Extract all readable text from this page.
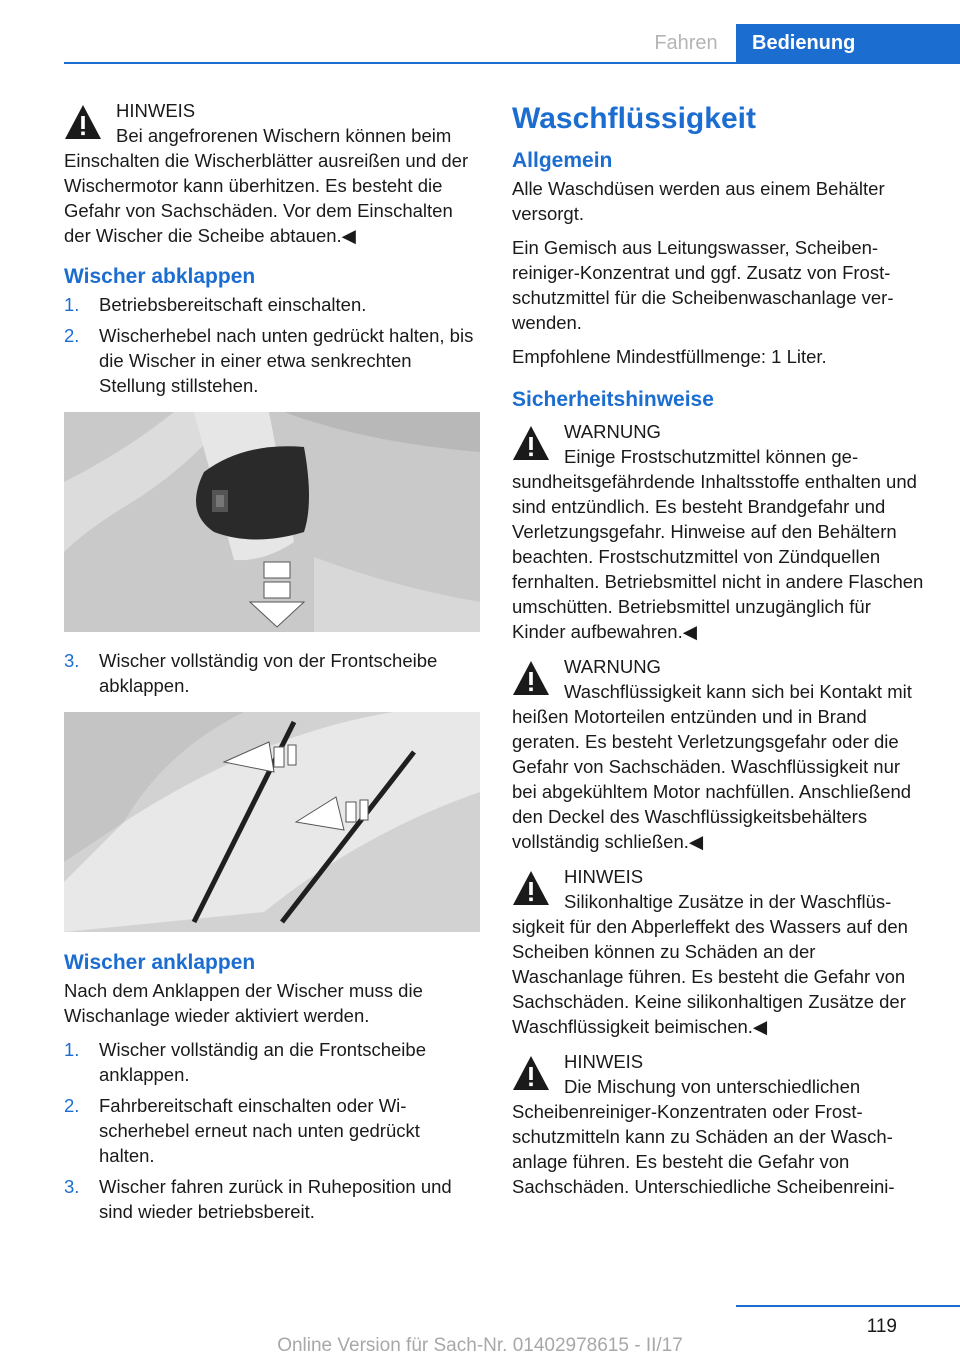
Fahren	Bedienung
HINWEIS
Bei angefrorenen Wischern können beim Einschalten die Wischerblätter ausreißen und der Wischermotor kann überhitzen. Es besteht die Gefahr von Sachschäden. Vor dem Einschalten der Wischer die Scheibe abtauen.◀
Wischer abklappen
1. Betriebsbereitschaft einschalten.
2. Wischerhebel nach unten gedrückt halten, bis die Wischer in einer etwa senkrechten Stellung stillstehen.
3. Wischer vollständig von der Frontscheibe abklappen.
Wischer anklappen

Nach dem Anklappen der Wischer muss die Wischanlage wieder aktiviert werden.

1. Wischer vollständig an die Frontscheibe anklappen.
2. Fahrbereitschaft einschalten oder Wischerhebel erneut nach unten gedrückt halten.
3. Wischer fahren zurück in Ruheposition und sind wieder betriebsbereit.
Waschflüssigkeit
Allgemein

Alle Waschdüsen werden aus einem Behälter versorgt.

Ein Gemisch aus Leitungswasser, Scheibenreiniger-Konzentrat und ggf. Zusatz von Frostschutzmittel für die Scheibenwaschanlage verwenden.

Empfohlene Mindestfüllmenge: 1 Liter.

Sicherheitshinweise
WARNUNG
Einige Frostschutzmittel können gesundheitsgefährdende Inhaltsstoffe enthalten und sind entzündlich. Es besteht Brandgefahr und Verletzungsgefahr. Hinweise auf den Behältern beachten. Frostschutzmittel von Zündquellen fernhalten. Betriebsmittel nicht in andere Flaschen umschütten. Betriebsmittel unzugänglich für Kinder aufbewahren.◀
WARNUNG
Waschflüssigkeit kann sich bei Kontakt mit heißen Motorteilen entzünden und in Brand geraten. Es besteht Verletzungsgefahr oder die Gefahr von Sachschäden. Waschflüssigkeit nur bei abgekühltem Motor nachfüllen. Anschließend den Deckel des Waschflüssigkeitsbehälters vollständig schließen.◀
HINWEIS
Silikonhaltige Zusätze in der Waschflüssigkeit für den Abperleffekt des Wassers auf den Scheiben können zu Schäden an der Waschanlage führen. Es besteht die Gefahr von Sachschäden. Keine silikonhaltigen Zusätze der Waschflüssigkeit beimischen.◀
HINWEIS
Die Mischung von unterschiedlichen Scheibenreiniger-Konzentraten oder Frostschutzmitteln kann zu Schäden an der Waschanlage führen. Es besteht die Gefahr von Sachschäden. Unterschiedliche Scheibenreini-
119
Online Version für Sach-Nr. 01402978615 - II/17
